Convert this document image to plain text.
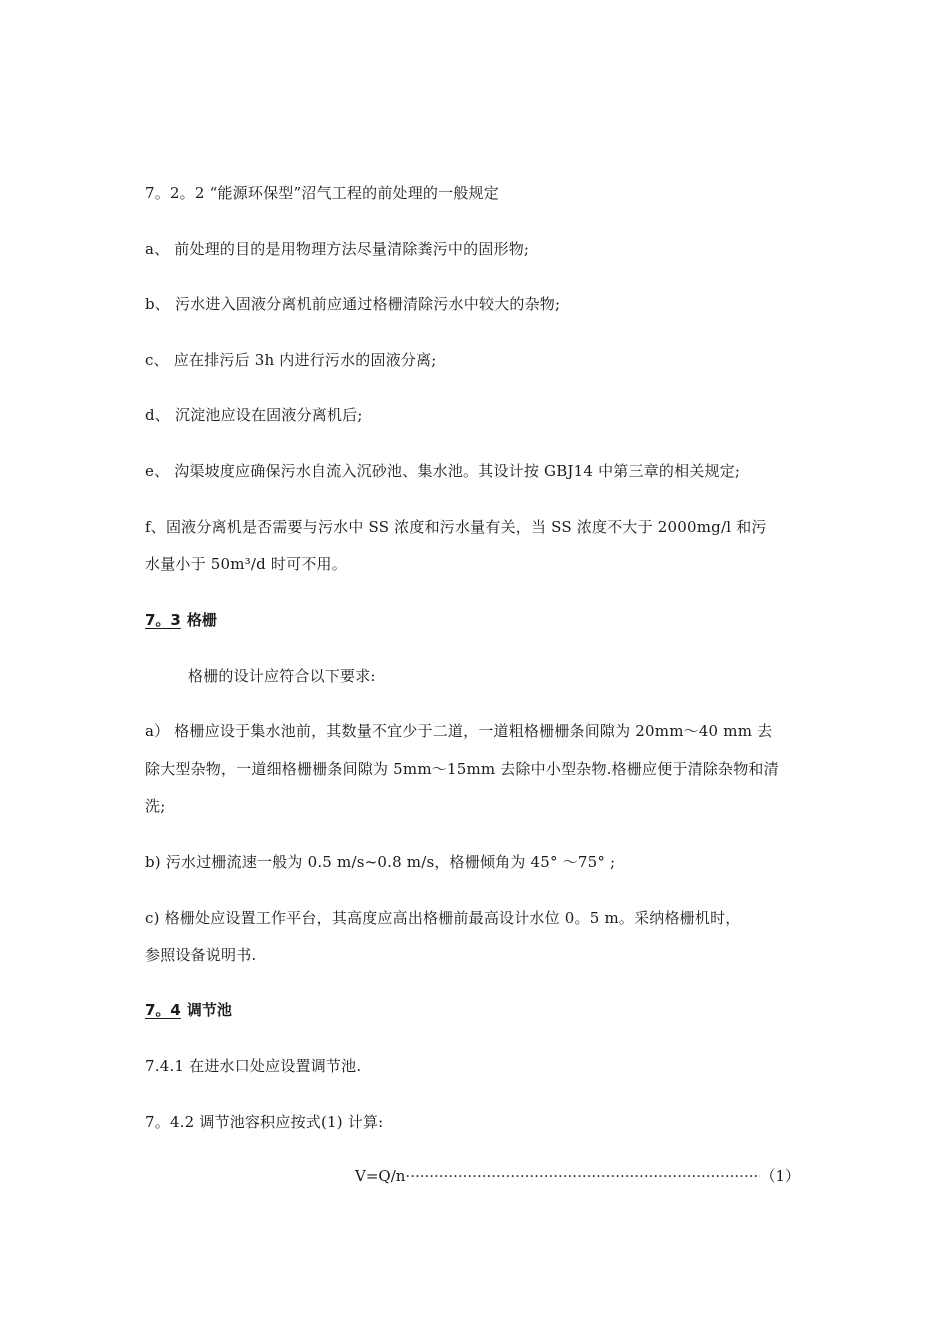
7。2。2 “能源环保型”沼气工程的前处理的一般规定
a、 前处理的目的是用物理方法尽量清除粪污中的固形物;
b、 污水进入固液分离机前应通过格栅清除污水中较大的杂物;
c、 应在排污后 3h 内进行污水的固液分离;
d、 沉淀池应设在固液分离机后;
e、 沟渠坡度应确保污水自流入沉砂池、集水池。其设计按 GBJ14 中第三章的相关规定;
f、固液分离机是否需要与污水中 SS 浓度和污水量有关，当 SS 浓度不大于 2000mg/l 和污
水量小于 50m³/d 时可不用。
7。3 格栅
格栅的设计应符合以下要求:
a） 格栅应设于集水池前，其数量不宜少于二道，一道粗格栅栅条间隙为 20mm～40 mm 去
除大型杂物，一道细格栅栅条间隙为 5mm～15mm 去除中小型杂物.格栅应便于清除杂物和清
洗;
b) 污水过栅流速一般为 0.5 m/s~0.8 m/s，格栅倾角为 45° ～75° ;
c) 格栅处应设置工作平台，其高度应高出格栅前最高设计水位 0。5 m。采纳格栅机时，
参照设备说明书.
7。4 调节池
7.4.1 在进水口处应设置调节池.
7。4.2 调节池容积应按式(1) 计算:
V=Q/n
·····	（1）
